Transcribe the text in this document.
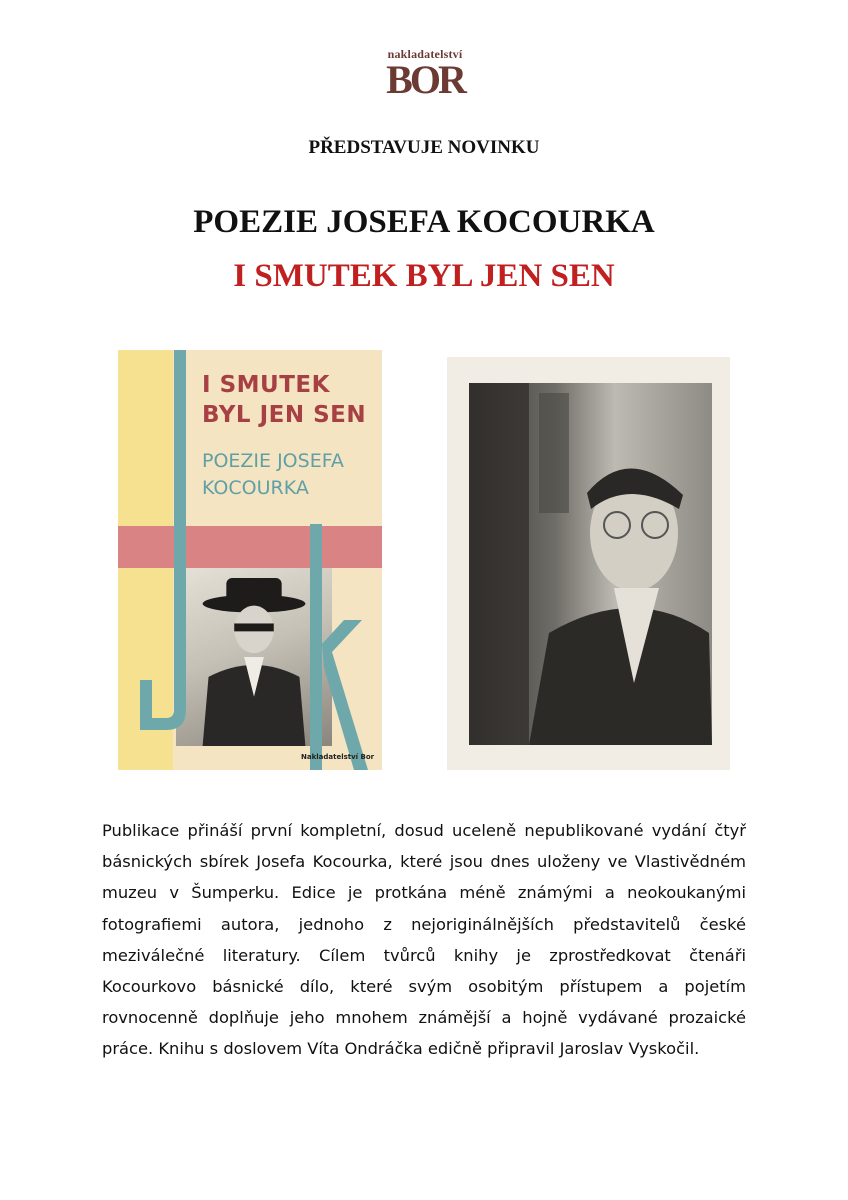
nakladatelství
BOR
PŘEDSTAVUJE NOVINKU
POEZIE JOSEFA KOCOURKA
I SMUTEK BYL JEN SEN
I SMUTEK
BYL JEN SEN
POEZIE JOSEFA
KOCOURKA
Nakladatelství Bor
Publikace přináší první kompletní, dosud uceleně nepublikované vydání čtyř básnických sbírek Josefa Kocourka, které jsou dnes uloženy ve Vlastivědném muzeu v Šumperku. Edice je protkána méně známými a neokoukanými fotografiemi autora, jednoho z nejoriginálnějších představitelů české meziválečné literatury. Cílem tvůrců knihy je zprostředkovat čtenáři Kocourkovo básnické dílo, které svým osobitým přístupem a pojetím rovnocenně doplňuje jeho mnohem známější a hojně vydávané prozaické práce. Knihu s doslovem Víta Ondráčka edičně připravil Jaroslav Vyskočil.
